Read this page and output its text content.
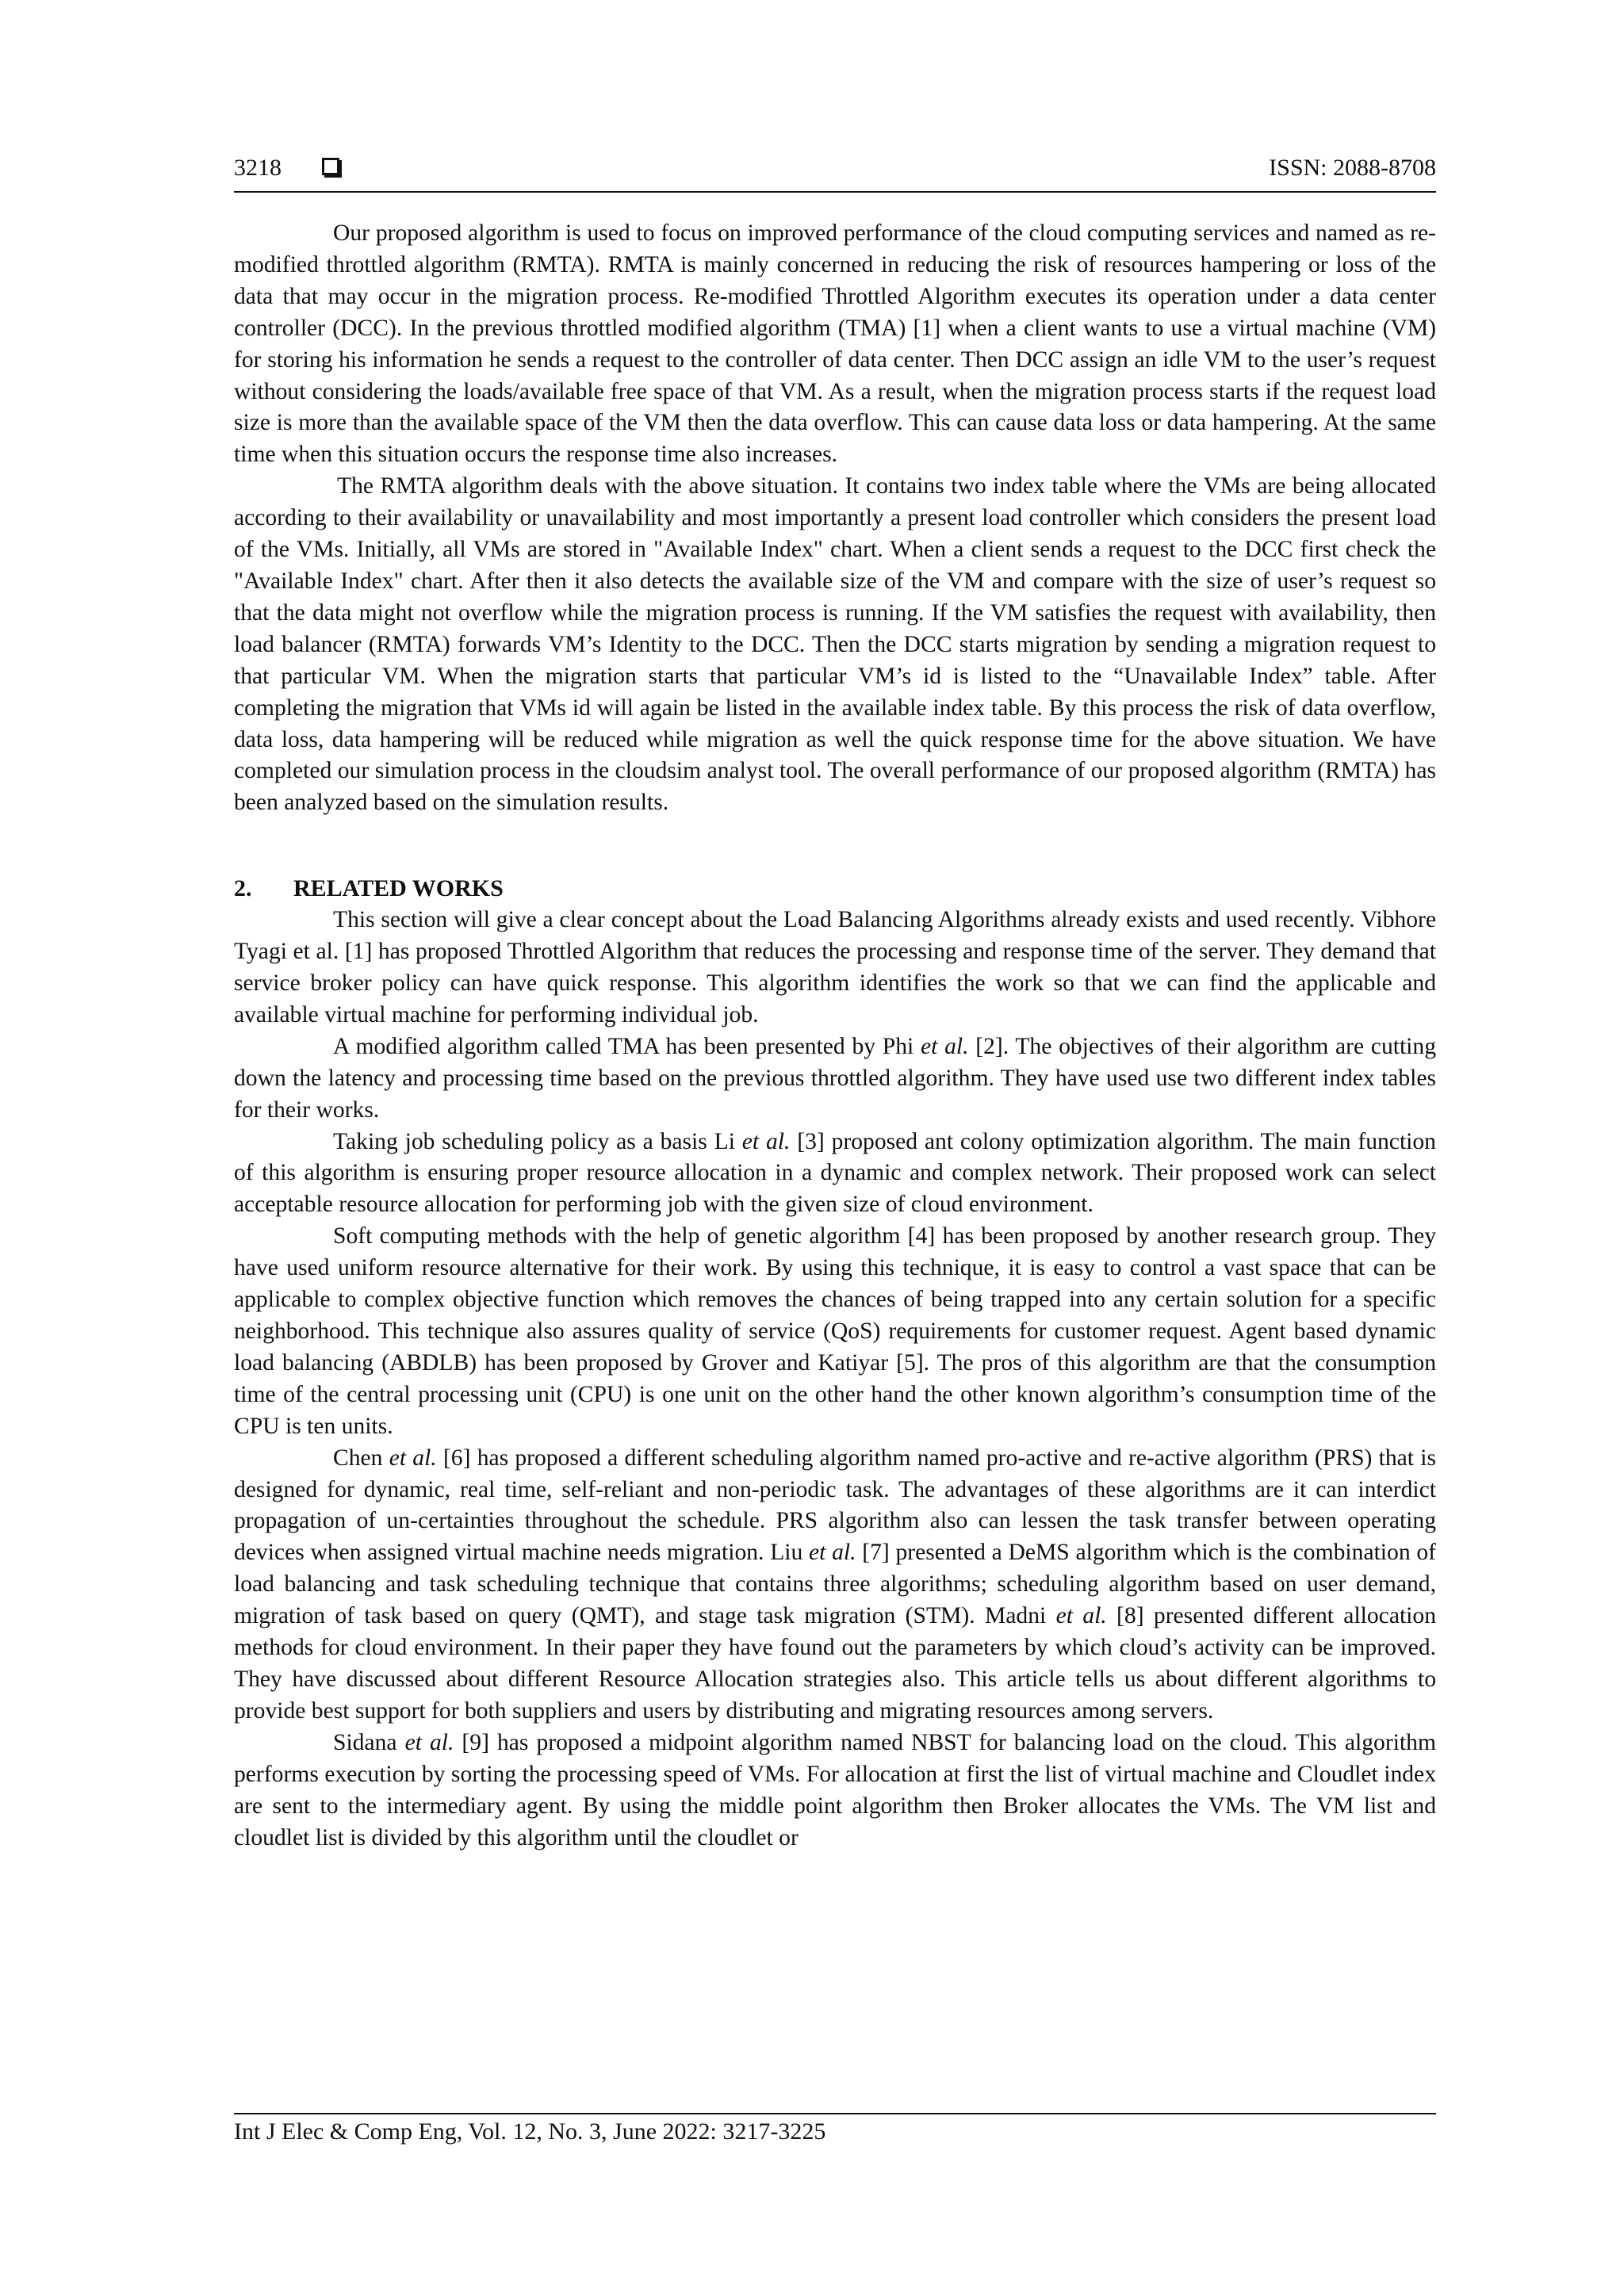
3218	ISSN: 2088-8708

Our proposed algorithm is used to focus on improved performance of the cloud computing services and named as re-modified throttled algorithm (RMTA). RMTA is mainly concerned in reducing the risk of resources hampering or loss of the data that may occur in the migration process. Re-modified Throttled Algorithm executes its operation under a data center controller (DCC). In the previous throttled modified algorithm (TMA) [1] when a client wants to use a virtual machine (VM) for storing his information he sends a request to the controller of data center. Then DCC assign an idle VM to the user’s request without considering the loads/available free space of that VM. As a result, when the migration process starts if the request load size is more than the available space of the VM then the data overflow. This can cause data loss or data hampering. At the same time when this situation occurs the response time also increases.

The RMTA algorithm deals with the above situation. It contains two index table where the VMs are being allocated according to their availability or unavailability and most importantly a present load controller which considers the present load of the VMs. Initially, all VMs are stored in "Available Index" chart. When a client sends a request to the DCC first check the "Available Index" chart. After then it also detects the available size of the VM and compare with the size of user’s request so that the data might not overflow while the migration process is running. If the VM satisfies the request with availability, then load balancer (RMTA) forwards VM’s Identity to the DCC. Then the DCC starts migration by sending a migration request to that particular VM. When the migration starts that particular VM’s id is listed to the “Unavailable Index” table. After completing the migration that VMs id will again be listed in the available index table. By this process the risk of data overflow, data loss, data hampering will be reduced while migration as well the quick response time for the above situation. We have completed our simulation process in the cloudsim analyst tool. The overall performance of our proposed algorithm (RMTA) has been analyzed based on the simulation results.

2. RELATED WORKS

This section will give a clear concept about the Load Balancing Algorithms already exists and used recently. Vibhore Tyagi et al. [1] has proposed Throttled Algorithm that reduces the processing and response time of the server. They demand that service broker policy can have quick response. This algorithm identifies the work so that we can find the applicable and available virtual machine for performing individual job.

A modified algorithm called TMA has been presented by Phi et al. [2]. The objectives of their algorithm are cutting down the latency and processing time based on the previous throttled algorithm. They have used use two different index tables for their works.

Taking job scheduling policy as a basis Li et al. [3] proposed ant colony optimization algorithm. The main function of this algorithm is ensuring proper resource allocation in a dynamic and complex network. Their proposed work can select acceptable resource allocation for performing job with the given size of cloud environment.

Soft computing methods with the help of genetic algorithm [4] has been proposed by another research group. They have used uniform resource alternative for their work. By using this technique, it is easy to control a vast space that can be applicable to complex objective function which removes the chances of being trapped into any certain solution for a specific neighborhood. This technique also assures quality of service (QoS) requirements for customer request. Agent based dynamic load balancing (ABDLB) has been proposed by Grover and Katiyar [5]. The pros of this algorithm are that the consumption time of the central processing unit (CPU) is one unit on the other hand the other known algorithm’s consumption time of the CPU is ten units.

Chen et al. [6] has proposed a different scheduling algorithm named pro-active and re-active algorithm (PRS) that is designed for dynamic, real time, self-reliant and non-periodic task. The advantages of these algorithms are it can interdict propagation of un-certainties throughout the schedule. PRS algorithm also can lessen the task transfer between operating devices when assigned virtual machine needs migration. Liu et al. [7] presented a DeMS algorithm which is the combination of load balancing and task scheduling technique that contains three algorithms; scheduling algorithm based on user demand, migration of task based on query (QMT), and stage task migration (STM). Madni et al. [8] presented different allocation methods for cloud environment. In their paper they have found out the parameters by which cloud’s activity can be improved. They have discussed about different Resource Allocation strategies also. This article tells us about different algorithms to provide best support for both suppliers and users by distributing and migrating resources among servers.

Sidana et al. [9] has proposed a midpoint algorithm named NBST for balancing load on the cloud. This algorithm performs execution by sorting the processing speed of VMs. For allocation at first the list of virtual machine and Cloudlet index are sent to the intermediary agent. By using the middle point algorithm then Broker allocates the VMs. The VM list and cloudlet list is divided by this algorithm until the cloudlet or

Int J Elec & Comp Eng, Vol. 12, No. 3, June 2022: 3217-3225
